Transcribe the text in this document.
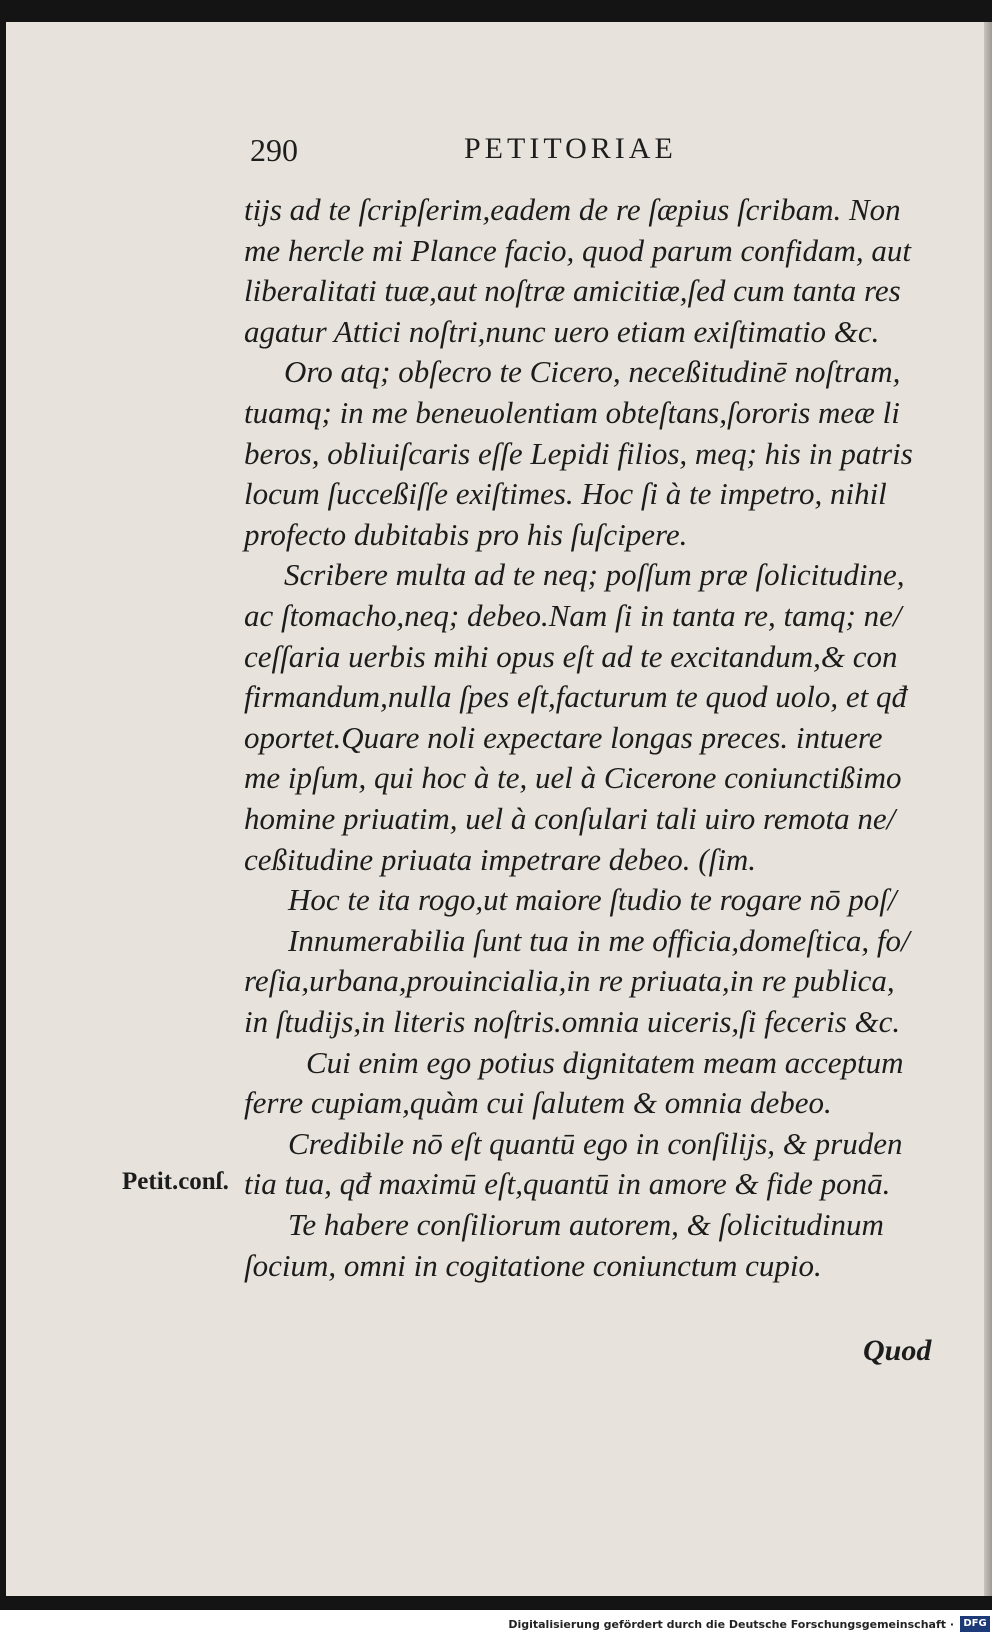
290	PETITORIAE
tijs ad te ſcripſerim,eadem de re ſæpius ſcribam. Non
me hercle mi Plance facio, quod parum confidam, aut
liberalitati tuæ,aut noſtræ amicitiæ,ſed cum tanta res
agatur Attici noſtri,nunc uero etiam exiſtimatio &c.
Oro atq; obſecro te Cicero, neceßitudinē noſtram,
tuamq; in me beneuolentiam obteſtans,ſororis meæ li
beros, obliuiſcaris eſſe Lepidi filios, meq; his in patris
locum ſucceßiſſe exiſtimes. Hoc ſi à te impetro, nihil
profecto dubitabis pro his ſuſcipere.
Scribere multa ad te neq; poſſum præ ſolicitudine,
ac ſtomacho,neq; debeo.Nam ſi in tanta re, tamq; ne/
ceſſaria uerbis mihi opus eſt ad te excitandum,& con
firmandum,nulla ſpes eſt,facturum te quod uolo, et qđ
oportet.Quare noli expectare longas preces. intuere
me ipſum, qui hoc à te, uel à Cicerone coniunctißimo
homine priuatim, uel à conſulari tali uiro remota ne/
ceßitudine priuata impetrare debeo. (ſim.
Hoc te ita rogo,ut maiore ſtudio te rogare nō poſ/
Innumerabilia ſunt tua in me officia,domeſtica, fo/
reſia,urbana,prouincialia,in re priuata,in re publica,
in ſtudijs,in literis noſtris.omnia uiceris,ſi feceris &c.
Cui enim ego potius dignitatem meam acceptum
ferre cupiam,quàm cui ſalutem & omnia debeo.
Credibile nō eſt quantū ego in conſilijs, & pruden
tia tua, qđ maximū eſt,quantū in amore & fide ponā.
Te habere conſiliorum autorem, & ſolicitudinum
ſocium, omni in cogitatione coniunctum cupio.
Petit.conſ.
Quod
Digitalisierung gefördert durch die Deutsche Forschungsgemeinschaft · DFG
